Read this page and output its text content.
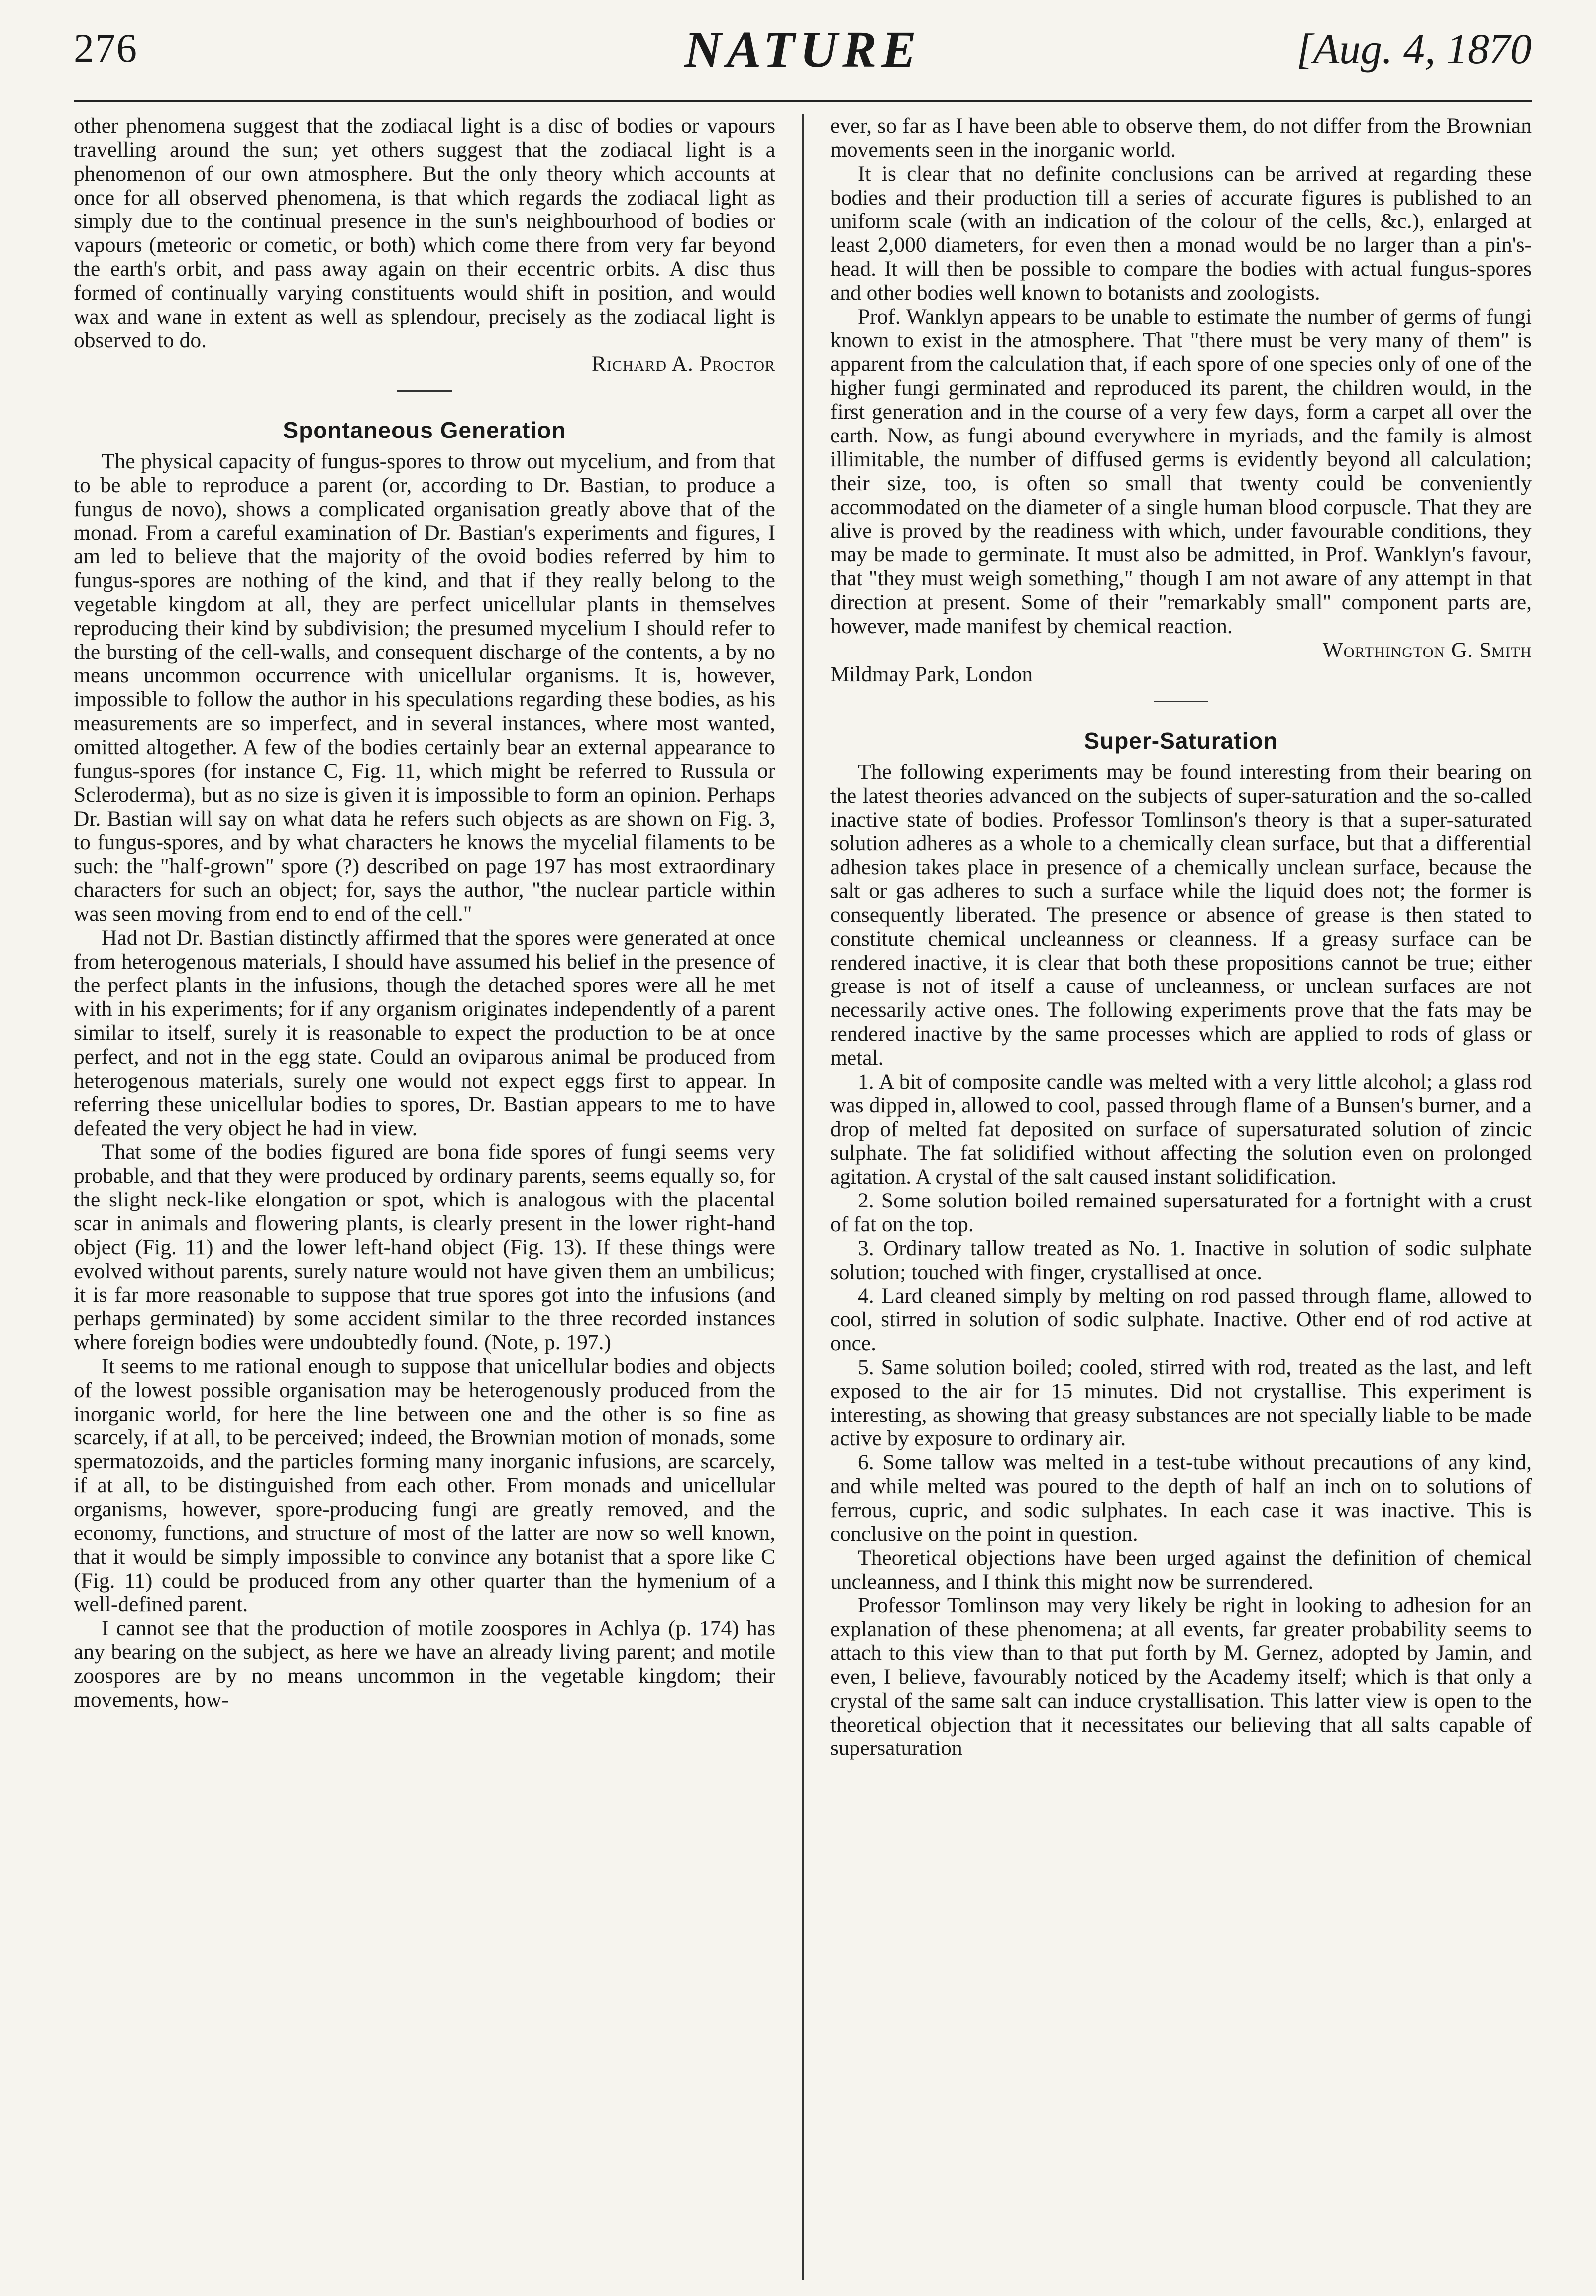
276	NATURE	[Aug. 4, 1870

other phenomena suggest that the zodiacal light is a disc of bodies or vapours travelling around the sun; yet others suggest that the zodiacal light is a phenomenon of our own atmosphere. But the only theory which accounts at once for all observed phenomena, is that which regards the zodiacal light as simply due to the continual presence in the sun's neighbourhood of bodies or vapours (meteoric or cometic, or both) which come there from very far beyond the earth's orbit, and pass away again on their eccentric orbits. A disc thus formed of continually varying constituents would shift in position, and would wax and wane in extent as well as splendour, precisely as the zodiacal light is observed to do.

Richard A. Proctor

Spontaneous Generation

The physical capacity of fungus-spores to throw out mycelium, and from that to be able to reproduce a parent (or, according to Dr. Bastian, to produce a fungus de novo), shows a complicated organisation greatly above that of the monad. From a careful examination of Dr. Bastian's experiments and figures, I am led to believe that the majority of the ovoid bodies referred by him to fungus-spores are nothing of the kind, and that if they really belong to the vegetable kingdom at all, they are perfect unicellular plants in themselves reproducing their kind by subdivision; the presumed mycelium I should refer to the bursting of the cell-walls, and consequent discharge of the contents, a by no means uncommon occurrence with unicellular organisms. It is, however, impossible to follow the author in his speculations regarding these bodies, as his measurements are so imperfect, and in several instances, where most wanted, omitted altogether. A few of the bodies certainly bear an external appearance to fungus-spores (for instance C, Fig. 11, which might be referred to Russula or Scleroderma), but as no size is given it is impossible to form an opinion. Perhaps Dr. Bastian will say on what data he refers such objects as are shown on Fig. 3, to fungus-spores, and by what characters he knows the mycelial filaments to be such: the "half-grown" spore (?) described on page 197 has most extraordinary characters for such an object; for, says the author, "the nuclear particle within was seen moving from end to end of the cell."

Had not Dr. Bastian distinctly affirmed that the spores were generated at once from heterogenous materials, I should have assumed his belief in the presence of the perfect plants in the infusions, though the detached spores were all he met with in his experiments; for if any organism originates independently of a parent similar to itself, surely it is reasonable to expect the production to be at once perfect, and not in the egg state. Could an oviparous animal be produced from heterogenous materials, surely one would not expect eggs first to appear. In referring these unicellular bodies to spores, Dr. Bastian appears to me to have defeated the very object he had in view.

That some of the bodies figured are bona fide spores of fungi seems very probable, and that they were produced by ordinary parents, seems equally so, for the slight neck-like elongation or spot, which is analogous with the placental scar in animals and flowering plants, is clearly present in the lower right-hand object (Fig. 11) and the lower left-hand object (Fig. 13). If these things were evolved without parents, surely nature would not have given them an umbilicus; it is far more reasonable to suppose that true spores got into the infusions (and perhaps germinated) by some accident similar to the three recorded instances where foreign bodies were undoubtedly found. (Note, p. 197.)

It seems to me rational enough to suppose that unicellular bodies and objects of the lowest possible organisation may be heterogenously produced from the inorganic world, for here the line between one and the other is so fine as scarcely, if at all, to be perceived; indeed, the Brownian motion of monads, some spermatozoids, and the particles forming many inorganic infusions, are scarcely, if at all, to be distinguished from each other. From monads and unicellular organisms, however, spore-producing fungi are greatly removed, and the economy, functions, and structure of most of the latter are now so well known, that it would be simply impossible to convince any botanist that a spore like C (Fig. 11) could be produced from any other quarter than the hymenium of a well-defined parent.

I cannot see that the production of motile zoospores in Achlya (p. 174) has any bearing on the subject, as here we have an already living parent; and motile zoospores are by no means uncommon in the vegetable kingdom; their movements, how-

ever, so far as I have been able to observe them, do not differ from the Brownian movements seen in the inorganic world.

It is clear that no definite conclusions can be arrived at regarding these bodies and their production till a series of accurate figures is published to an uniform scale (with an indication of the colour of the cells, &c.), enlarged at least 2,000 diameters, for even then a monad would be no larger than a pin's-head. It will then be possible to compare the bodies with actual fungus-spores and other bodies well known to botanists and zoologists.

Prof. Wanklyn appears to be unable to estimate the number of germs of fungi known to exist in the atmosphere. That "there must be very many of them" is apparent from the calculation that, if each spore of one species only of one of the higher fungi germinated and reproduced its parent, the children would, in the first generation and in the course of a very few days, form a carpet all over the earth. Now, as fungi abound everywhere in myriads, and the family is almost illimitable, the number of diffused germs is evidently beyond all calculation; their size, too, is often so small that twenty could be conveniently accommodated on the diameter of a single human blood corpuscle. That they are alive is proved by the readiness with which, under favourable conditions, they may be made to germinate. It must also be admitted, in Prof. Wanklyn's favour, that "they must weigh something," though I am not aware of any attempt in that direction at present. Some of their "remarkably small" component parts are, however, made manifest by chemical reaction.

Worthington G. Smith

Mildmay Park, London

Super-Saturation

The following experiments may be found interesting from their bearing on the latest theories advanced on the subjects of super-saturation and the so-called inactive state of bodies. Professor Tomlinson's theory is that a super-saturated solution adheres as a whole to a chemically clean surface, but that a differential adhesion takes place in presence of a chemically unclean surface, because the salt or gas adheres to such a surface while the liquid does not; the former is consequently liberated. The presence or absence of grease is then stated to constitute chemical uncleanness or cleanness. If a greasy surface can be rendered inactive, it is clear that both these propositions cannot be true; either grease is not of itself a cause of uncleanness, or unclean surfaces are not necessarily active ones. The following experiments prove that the fats may be rendered inactive by the same processes which are applied to rods of glass or metal.

1. A bit of composite candle was melted with a very little alcohol; a glass rod was dipped in, allowed to cool, passed through flame of a Bunsen's burner, and a drop of melted fat deposited on surface of supersaturated solution of zincic sulphate. The fat solidified without affecting the solution even on prolonged agitation. A crystal of the salt caused instant solidification.

2. Some solution boiled remained supersaturated for a fortnight with a crust of fat on the top.

3. Ordinary tallow treated as No. 1. Inactive in solution of sodic sulphate solution; touched with finger, crystallised at once.

4. Lard cleaned simply by melting on rod passed through flame, allowed to cool, stirred in solution of sodic sulphate. Inactive. Other end of rod active at once.

5. Same solution boiled; cooled, stirred with rod, treated as the last, and left exposed to the air for 15 minutes. Did not crystallise. This experiment is interesting, as showing that greasy substances are not specially liable to be made active by exposure to ordinary air.

6. Some tallow was melted in a test-tube without precautions of any kind, and while melted was poured to the depth of half an inch on to solutions of ferrous, cupric, and sodic sulphates. In each case it was inactive. This is conclusive on the point in question.

Theoretical objections have been urged against the definition of chemical uncleanness, and I think this might now be surrendered.

Professor Tomlinson may very likely be right in looking to adhesion for an explanation of these phenomena; at all events, far greater probability seems to attach to this view than to that put forth by M. Gernez, adopted by Jamin, and even, I believe, favourably noticed by the Academy itself; which is that only a crystal of the same salt can induce crystallisation. This latter view is open to the theoretical objection that it necessitates our believing that all salts capable of supersaturation
